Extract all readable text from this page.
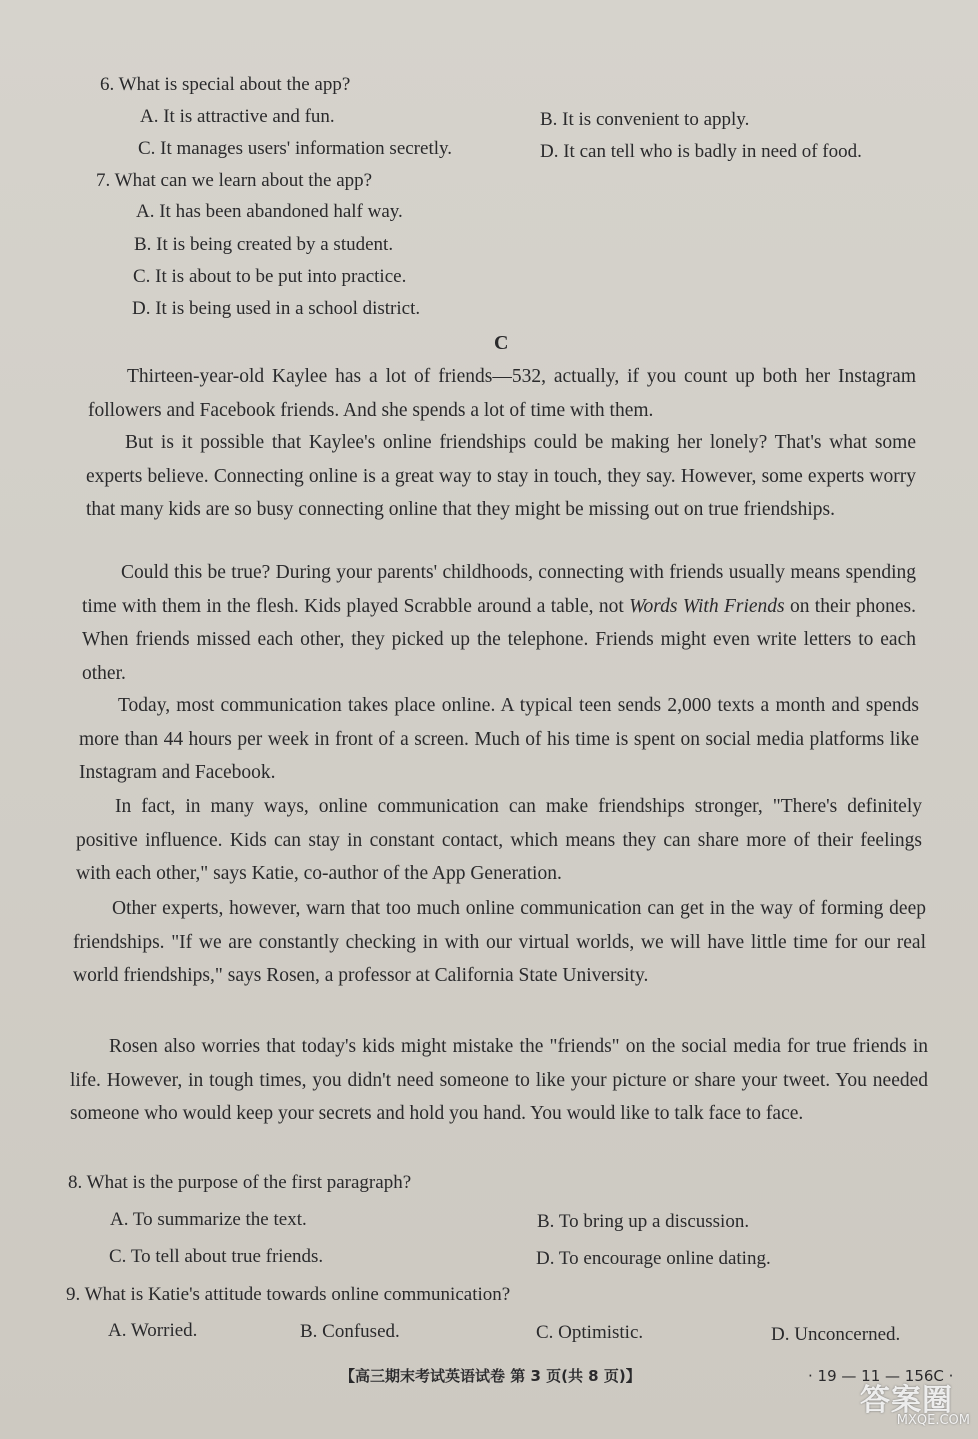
6. What is special about the app?
A. It is attractive and fun.	B. It is convenient to apply.
C. It manages users' information secretly.	D. It can tell who is badly in need of food.
7. What can we learn about the app?
A. It has been abandoned half way.
B. It is being created by a student.
C. It is about to be put into practice.
D. It is being used in a school district.
C
Thirteen-year-old Kaylee has a lot of friends—532, actually, if you count up both her Instagram followers and Facebook friends. And she spends a lot of time with them.
But is it possible that Kaylee's online friendships could be making her lonely? That's what some experts believe. Connecting online is a great way to stay in touch, they say. However, some experts worry that many kids are so busy connecting online that they might be missing out on true friendships.
Could this be true? During your parents' childhoods, connecting with friends usually means spending time with them in the flesh. Kids played Scrabble around a table, not Words With Friends on their phones. When friends missed each other, they picked up the telephone. Friends might even write letters to each other.
Today, most communication takes place online. A typical teen sends 2,000 texts a month and spends more than 44 hours per week in front of a screen. Much of his time is spent on social media platforms like Instagram and Facebook.
In fact, in many ways, online communication can make friendships stronger, "There's definitely positive influence. Kids can stay in constant contact, which means they can share more of their feelings with each other," says Katie, co-author of the App Generation.
Other experts, however, warn that too much online communication can get in the way of forming deep friendships. "If we are constantly checking in with our virtual worlds, we will have little time for our real world friendships," says Rosen, a professor at California State University.
Rosen also worries that today's kids might mistake the "friends" on the social media for true friends in life. However, in tough times, you didn't need someone to like your picture or share your tweet. You needed someone who would keep your secrets and hold you hand. You would like to talk face to face.
8. What is the purpose of the first paragraph?
A. To summarize the text.	B. To bring up a discussion.
C. To tell about true friends.	D. To encourage online dating.
9. What is Katie's attitude towards online communication?
A. Worried.	B. Confused.	C. Optimistic.	D. Unconcerned.
【高三期末考试英语试卷 第 3 页(共 8 页)】	· 19 — 11 — 156C ·
答案圈
MXQE.COM
